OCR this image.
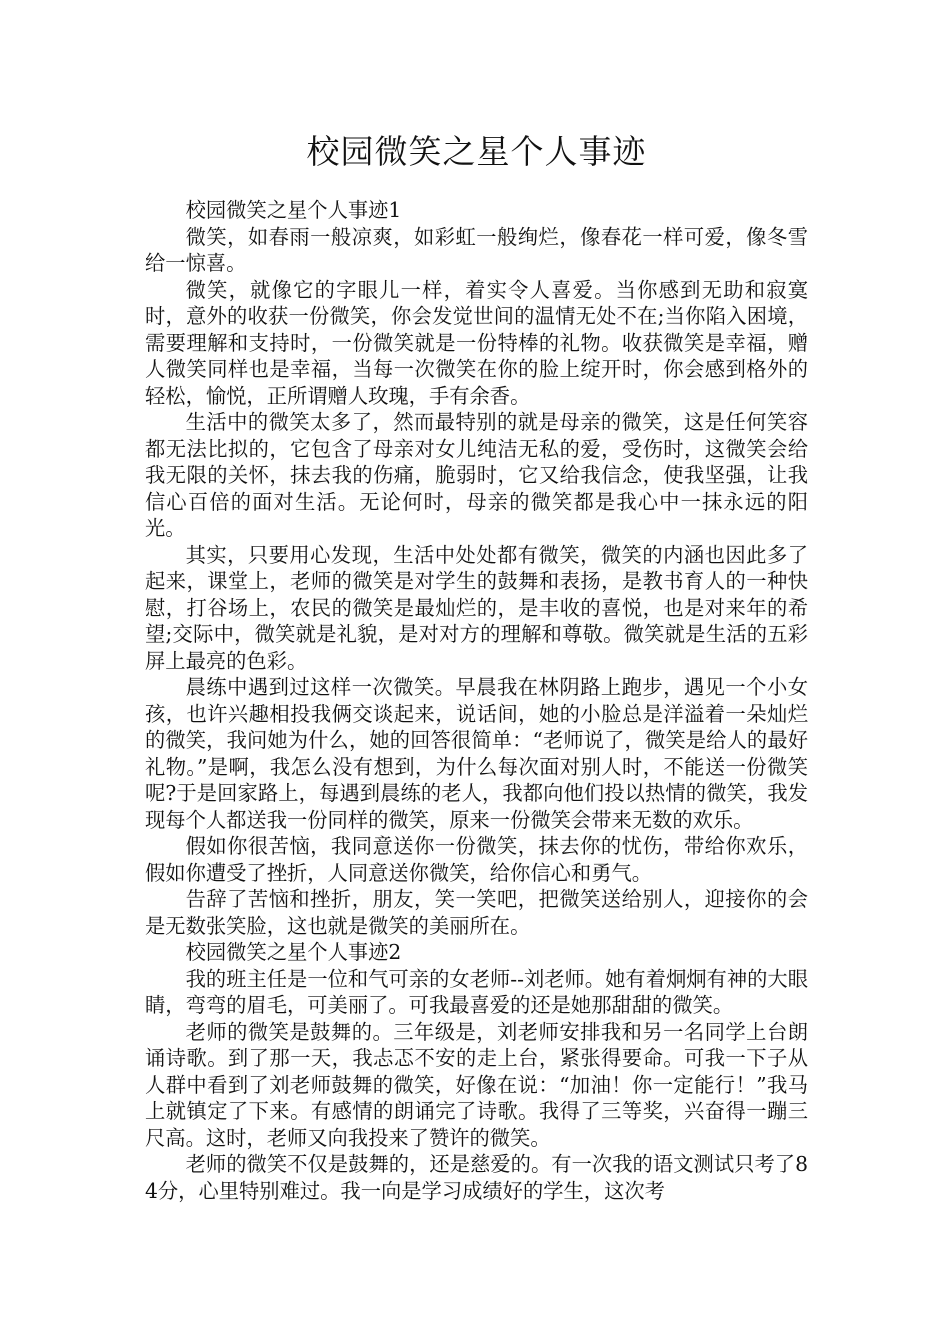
校园微笑之星个人事迹

校园微笑之星个人事迹1

微笑，如春雨一般凉爽，如彩虹一般绚烂，像春花一样可爱，像冬雪给一惊喜。

微笑，就像它的字眼儿一样，着实令人喜爱。当你感到无助和寂寞时，意外的收获一份微笑，你会发觉世间的温情无处不在;当你陷入困境，需要理解和支持时，一份微笑就是一份特棒的礼物。收获微笑是幸福，赠人微笑同样也是幸福，当每一次微笑在你的脸上绽开时，你会感到格外的轻松，愉悦，正所谓赠人玫瑰，手有余香。

生活中的微笑太多了，然而最特别的就是母亲的微笑，这是任何笑容都无法比拟的，它包含了母亲对女儿纯洁无私的爱，受伤时，这微笑会给我无限的关怀，抹去我的伤痛，脆弱时，它又给我信念，使我坚强，让我信心百倍的面对生活。无论何时，母亲的微笑都是我心中一抹永远的阳光。

其实，只要用心发现，生活中处处都有微笑，微笑的内涵也因此多了起来，课堂上，老师的微笑是对学生的鼓舞和表扬，是教书育人的一种快慰，打谷场上，农民的微笑是最灿烂的，是丰收的喜悦，也是对来年的希望;交际中，微笑就是礼貌，是对对方的理解和尊敬。微笑就是生活的五彩屏上最亮的色彩。

晨练中遇到过这样一次微笑。早晨我在林阴路上跑步，遇见一个小女孩，也许兴趣相投我俩交谈起来，说话间，她的小脸总是洋溢着一朵灿烂的微笑，我问她为什么，她的回答很简单：“老师说了，微笑是给人的最好礼物。”是啊，我怎么没有想到，为什么每次面对别人时，不能送一份微笑呢?于是回家路上，每遇到晨练的老人，我都向他们投以热情的微笑，我发现每个人都送我一份同样的微笑，原来一份微笑会带来无数的欢乐。

假如你很苦恼，我同意送你一份微笑，抹去你的忧伤，带给你欢乐，假如你遭受了挫折，人同意送你微笑，给你信心和勇气。

告辞了苦恼和挫折，朋友，笑一笑吧，把微笑送给别人，迎接你的会是无数张笑脸，这也就是微笑的美丽所在。

校园微笑之星个人事迹2

我的班主任是一位和气可亲的女老师--刘老师。她有着炯炯有神的大眼睛，弯弯的眉毛，可美丽了。可我最喜爱的还是她那甜甜的微笑。

老师的微笑是鼓舞的。三年级是，刘老师安排我和另一名同学上台朗诵诗歌。到了那一天，我忐忑不安的走上台，紧张得要命。可我一下子从人群中看到了刘老师鼓舞的微笑，好像在说：“加油！你一定能行！”我马上就镇定了下来。有感情的朗诵完了诗歌。我得了三等奖，兴奋得一蹦三尺高。这时，老师又向我投来了赞许的微笑。

老师的微笑不仅是鼓舞的，还是慈爱的。有一次我的语文测试只考了84分，心里特别难过。我一向是学习成绩好的学生，这次考
